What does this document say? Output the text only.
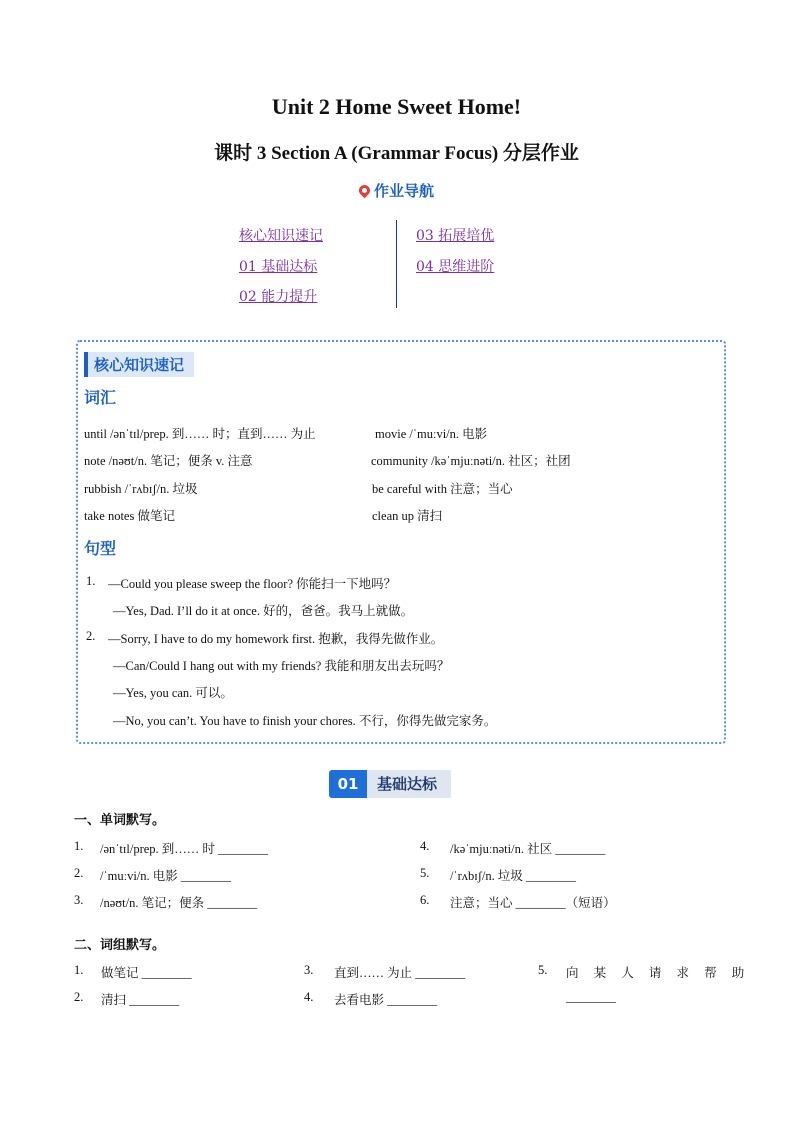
Unit 2 Home Sweet Home!
课时 3 Section A (Grammar Focus) 分层作业
作业导航
核心知识速记
01 基础达标
02 能力提升
03 拓展培优
04 思维进阶
核心知识速记
词汇
until /ənˈtɪl/prep. 到…… 时；直到…… 为止	movie /ˈmuːvi/n. 电影
note /nəʊt/n. 笔记；便条 v. 注意	community /kəˈmjuːnəti/n. 社区；社团
rubbish /ˈrʌbɪʃ/n. 垃圾	be careful with 注意；当心
take notes 做笔记	clean up 清扫
句型
1. —Could you please sweep the floor? 你能扫一下地吗？
—Yes, Dad. I’ll do it at once. 好的，爸爸。我马上就做。
2. —Sorry, I have to do my homework first. 抱歉，我得先做作业。
—Can/Could I hang out with my friends? 我能和朋友出去玩吗？
—Yes, you can. 可以。
—No, you can’t. You have to finish your chores. 不行，你得先做完家务。
01	基础达标
一、单词默写。
1. /ənˈtɪl/prep. 到…… 时 ________
2. /ˈmuːvi/n. 电影 ________
3. /nəʊt/n. 笔记；便条 ________
4. /kəˈmjuːnəti/n. 社区 ________
5. /ˈrʌbɪʃ/n. 垃圾 ________
6. 注意；当心 ________（短语）
二、词组默写。
1. 做笔记 ________
2. 清扫 ________
3. 直到…… 为止 ________
4. 去看电影 ________
5. 向 某 人 请 求 帮 助
________
